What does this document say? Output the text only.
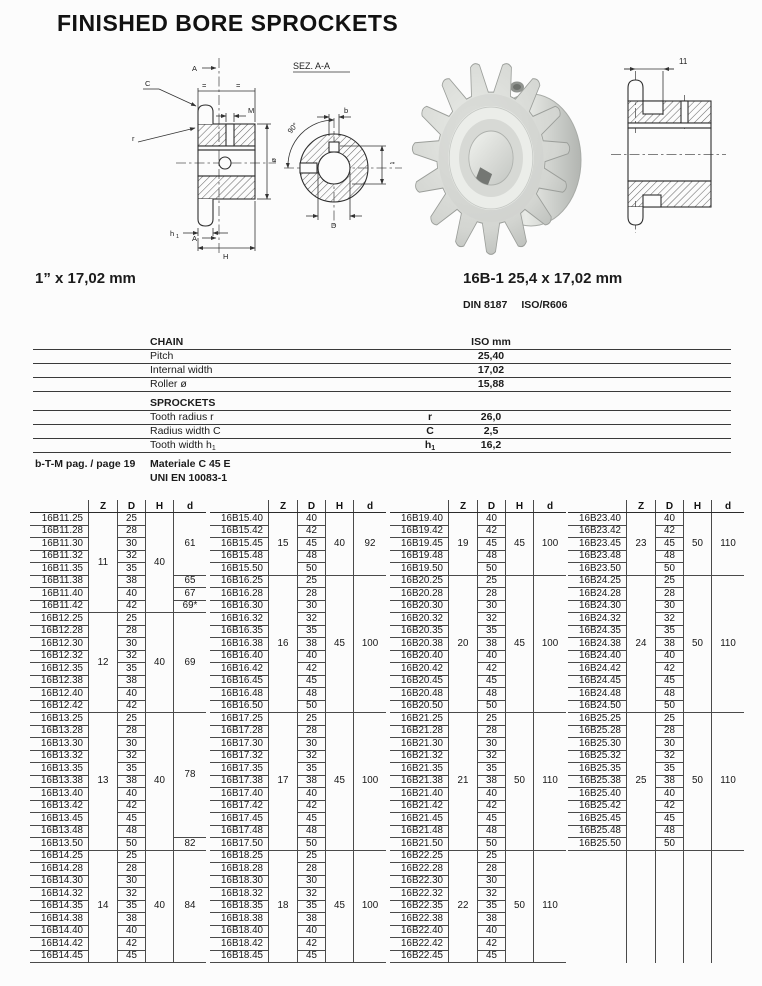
FINISHED BORE SPROCKETS
A
A
=	=
C
r
M
ø
h 1
H
SEZ. A-A
b
90°
D
t
11
1” x 17,02 mm	16B-1 25,4 x 17,02 mm
DIN 8187 ISO/R606
CHAIN	ISO mm
Pitch	25,40
Internal width	17,02
Roller ø	15,88
SPROCKETS
Tooth radius r	r	26,0
Radius width C	C	2,5
Tooth width h1	h1	16,2
b-T-M pag. / page 19 Materiale C 45 E
UNI EN 10083-1
	Z	D	H	d
16B11.25	11	25	40	61
16B11.28		28		
16B11.30		30		
16B11.32		32		
16B11.35		35		
16B11.38		38		65
16B11.40		40		67
16B11.42		42		69*
16B12.25	12	25	40	69
16B12.28		28		
16B12.30		30		
16B12.32		32		
16B12.35		35		
16B12.38		38		
16B12.40		40		
16B12.42		42		
16B13.25	13	25	40	78
16B13.28		28		
16B13.30		30		
16B13.32		32		
16B13.35		35		
16B13.38		38		
16B13.40		40		
16B13.42		42		
16B13.45		45		
16B13.48		48		
16B13.50		50		82
16B14.25	14	25	40	84
16B14.28		28		
16B14.30		30		
16B14.32		32		
16B14.35		35		
16B14.38		38		
16B14.40		40		
16B14.42		42		
16B14.45		45		
	Z	D	H	d
16B15.40	15	40	40	92
16B15.42		42		
16B15.45		45		
16B15.48		48		
16B15.50		50		
16B16.25	16	25	45	100
16B16.28		28		
16B16.30		30		
16B16.32		32		
16B16.35		35		
16B16.38		38		
16B16.40		40		
16B16.42		42		
16B16.45		45		
16B16.48		48		
16B16.50		50		
16B17.25	17	25	45	100
16B17.28		28		
16B17.30		30		
16B17.32		32		
16B17.35		35		
16B17.38		38		
16B17.40		40		
16B17.42		42		
16B17.45		45		
16B17.48		48		
16B17.50		50		
16B18.25	18	25	45	100
16B18.28		28		
16B18.30		30		
16B18.32		32		
16B18.35		35		
16B18.38		38		
16B18.40		40		
16B18.42		42		
16B18.45		45		
	Z	D	H	d
16B19.40	19	40	45	100
16B19.42		42		
16B19.45		45		
16B19.48		48		
16B19.50		50		
16B20.25	20	25	45	100
16B20.28		28		
16B20.30		30		
16B20.32		32		
16B20.35		35		
16B20.38		38		
16B20.40		40		
16B20.42		42		
16B20.45		45		
16B20.48		48		
16B20.50		50		
16B21.25	21	25	50	110
16B21.28		28		
16B21.30		30		
16B21.32		32		
16B21.35		35		
16B21.38		38		
16B21.40		40		
16B21.42		42		
16B21.45		45		
16B21.48		48		
16B21.50		50		
16B22.25	22	25	50	110
16B22.28		28		
16B22.30		30		
16B22.32		32		
16B22.35		35		
16B22.38		38		
16B22.40		40		
16B22.42		42		
16B22.45		45		
	Z	D	H	d
16B23.40	23	40	50	110
16B23.42		42		
16B23.45		45		
16B23.48		48		
16B23.50		50		
16B24.25	24	25	50	110
16B24.28		28		
16B24.30		30		
16B24.32		32		
16B24.35		35		
16B24.38		38		
16B24.40		40		
16B24.42		42		
16B24.45		45		
16B24.48		48		
16B24.50		50		
16B25.25	25	25	50	110
16B25.28		28		
16B25.30		30		
16B25.32		32		
16B25.35		35		
16B25.38		38		
16B25.40		40		
16B25.42		42		
16B25.45		45		
16B25.48		48		
16B25.50		50		
